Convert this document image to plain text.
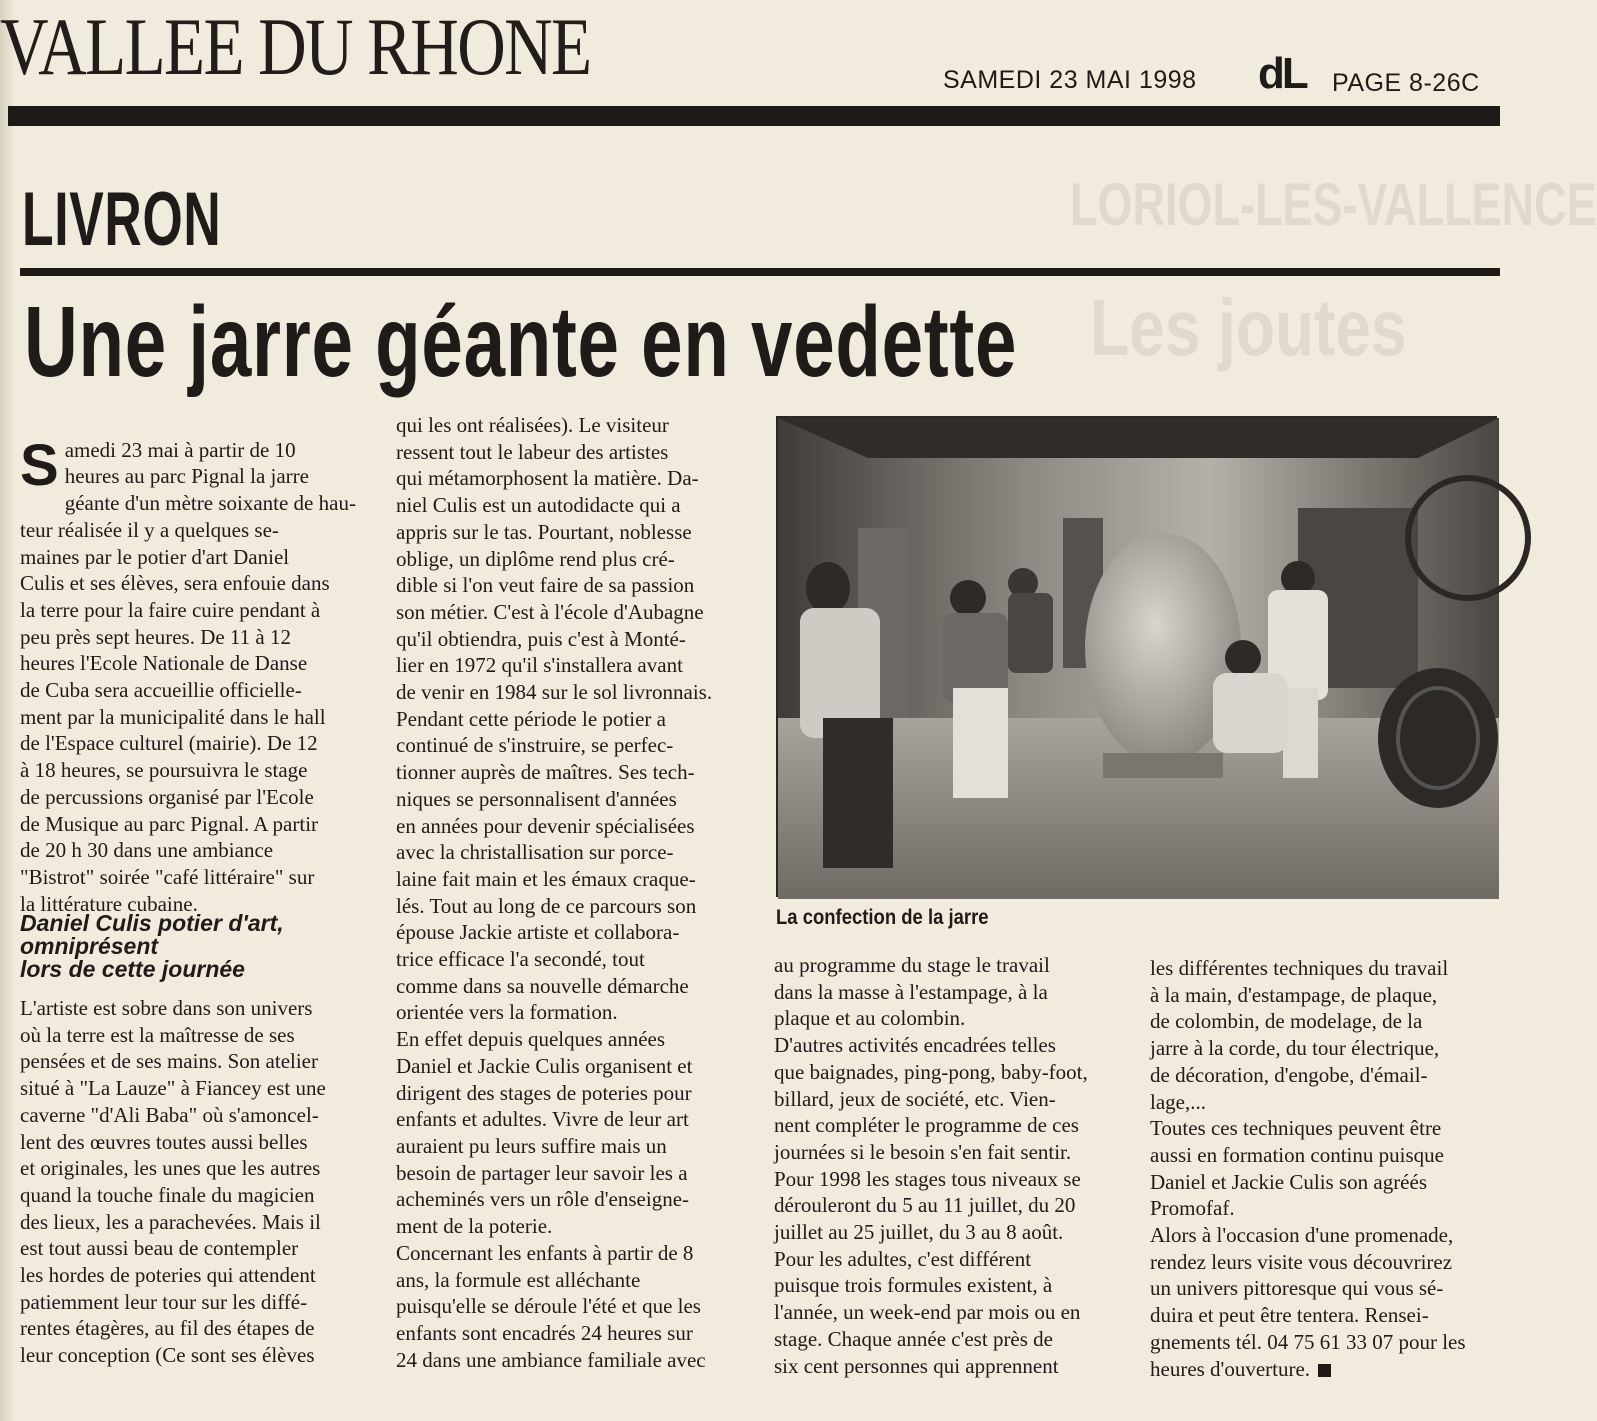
LORIOL-LES-VALLENCE
Les joutes
VALLEE DU RHONE	SAMEDI 23 MAI 1998 dL PAGE 8-26C
LIVRON
Une jarre géante en vedette

Samedi 23 mai à partir de 10
heures au parc Pignal la jarre
géante d'un mètre soixante de hau-
teur réalisée il y a quelques se-
maines par le potier d'art Daniel
Culis et ses élèves, sera enfouie dans
la terre pour la faire cuire pendant à
peu près sept heures. De 11 à 12
heures l'Ecole Nationale de Danse
de Cuba sera accueillie officielle-
ment par la municipalité dans le hall
de l'Espace culturel (mairie). De 12
à 18 heures, se poursuivra le stage
de percussions organisé par l'Ecole
de Musique au parc Pignal. A partir
de 20 h 30 dans une ambiance
"Bistrot" soirée "café littéraire" sur
la littérature cubaine.

Daniel Culis potier d'art,
omniprésent
lors de cette journée
L'artiste est sobre dans son univers
où la terre est la maîtresse de ses
pensées et de ses mains. Son atelier
situé à "La Lauze" à Fiancey est une
caverne "d'Ali Baba" où s'amoncel-
lent des œuvres toutes aussi belles
et originales, les unes que les autres
quand la touche finale du magicien
des lieux, les a parachevées. Mais il
est tout aussi beau de contempler
les hordes de poteries qui attendent
patiemment leur tour sur les diffé-
rentes étagères, au fil des étapes de
leur conception (Ce sont ses élèves
qui les ont réalisées). Le visiteur
ressent tout le labeur des artistes
qui métamorphosent la matière. Da-
niel Culis est un autodidacte qui a
appris sur le tas. Pourtant, noblesse
oblige, un diplôme rend plus cré-
dible si l'on veut faire de sa passion
son métier. C'est à l'école d'Aubagne
qu'il obtiendra, puis c'est à Monté-
lier en 1972 qu'il s'installera avant
de venir en 1984 sur le sol livronnais.
Pendant cette période le potier a
continué de s'instruire, se perfec-
tionner auprès de maîtres. Ses tech-
niques se personnalisent d'années
en années pour devenir spécialisées
avec la christallisation sur porce-
laine fait main et les émaux craque-
lés. Tout au long de ce parcours son
épouse Jackie artiste et collabora-
trice efficace l'a secondé, tout
comme dans sa nouvelle démarche
orientée vers la formation.
En effet depuis quelques années
Daniel et Jackie Culis organisent et
dirigent des stages de poteries pour
enfants et adultes. Vivre de leur art
auraient pu leurs suffire mais un
besoin de partager leur savoir les a
acheminés vers un rôle d'enseigne-
ment de la poterie.
Concernant les enfants à partir de 8
ans, la formule est alléchante
puisqu'elle se déroule l'été et que les
enfants sont encadrés 24 heures sur
24 dans une ambiance familiale avec
La confection de la jarre
au programme du stage le travail
dans la masse à l'estampage, à la
plaque et au colombin.
D'autres activités encadrées telles
que baignades, ping-pong, baby-foot,
billard, jeux de société, etc. Vien-
nent compléter le programme de ces
journées si le besoin s'en fait sentir.
Pour 1998 les stages tous niveaux se
dérouleront du 5 au 11 juillet, du 20
juillet au 25 juillet, du 3 au 8 août.
Pour les adultes, c'est différent
puisque trois formules existent, à
l'année, un week-end par mois ou en
stage. Chaque année c'est près de
six cent personnes qui apprennent
les différentes techniques du travail
à la main, d'estampage, de plaque,
de colombin, de modelage, de la
jarre à la corde, du tour électrique,
de décoration, d'engobe, d'émail-
lage,...
Toutes ces techniques peuvent être
aussi en formation continu puisque
Daniel et Jackie Culis son agréés
Promofaf.
Alors à l'occasion d'une promenade,
rendez leurs visite vous découvrirez
un univers pittoresque qui vous sé-
duira et peut être tentera. Rensei-
gnements tél. 04 75 61 33 07 pour les
heures d'ouverture.
